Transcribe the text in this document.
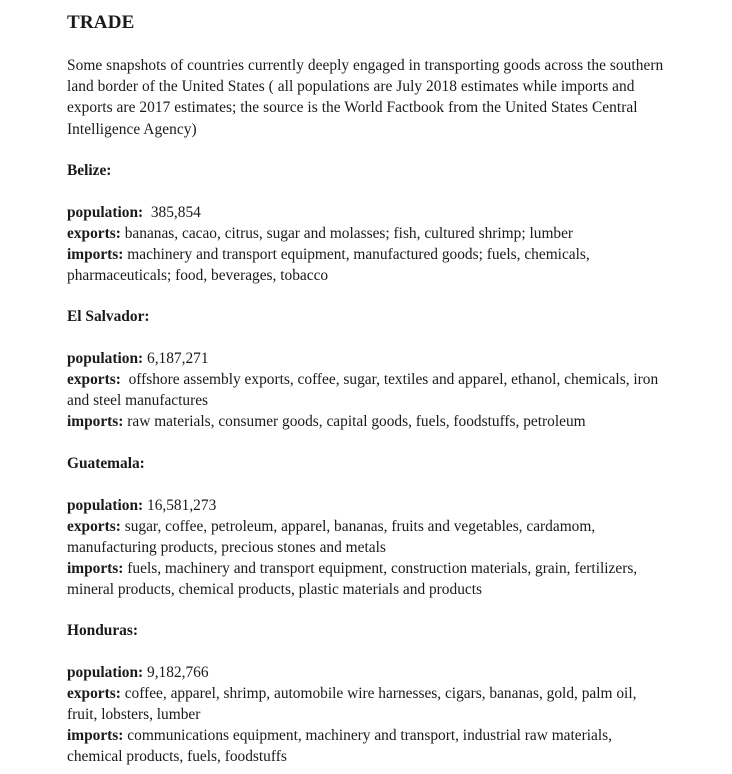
TRADE

Some snapshots of countries currently deeply engaged in transporting goods across the southern land border of the United States ( all populations are July 2018 estimates while imports and exports are 2017 estimates; the source is the World Factbook from the United States Central Intelligence Agency)

Belize:

population: 385,854

exports: bananas, cacao, citrus, sugar and molasses; fish, cultured shrimp; lumber

imports: machinery and transport equipment, manufactured goods; fuels, chemicals, pharmaceuticals; food, beverages, tobacco

El Salvador:

population: 6,187,271

exports: offshore assembly exports, coffee, sugar, textiles and apparel, ethanol, chemicals, iron and steel manufactures

imports: raw materials, consumer goods, capital goods, fuels, foodstuffs, petroleum

Guatemala:

population: 16,581,273

exports: sugar, coffee, petroleum, apparel, bananas, fruits and vegetables, cardamom, manufacturing products, precious stones and metals

imports: fuels, machinery and transport equipment, construction materials, grain, fertilizers, mineral products, chemical products, plastic materials and products

Honduras:

population: 9,182,766

exports: coffee, apparel, shrimp, automobile wire harnesses, cigars, bananas, gold, palm oil, fruit, lobsters, lumber

imports: communications equipment, machinery and transport, industrial raw materials, chemical products, fuels, foodstuffs
